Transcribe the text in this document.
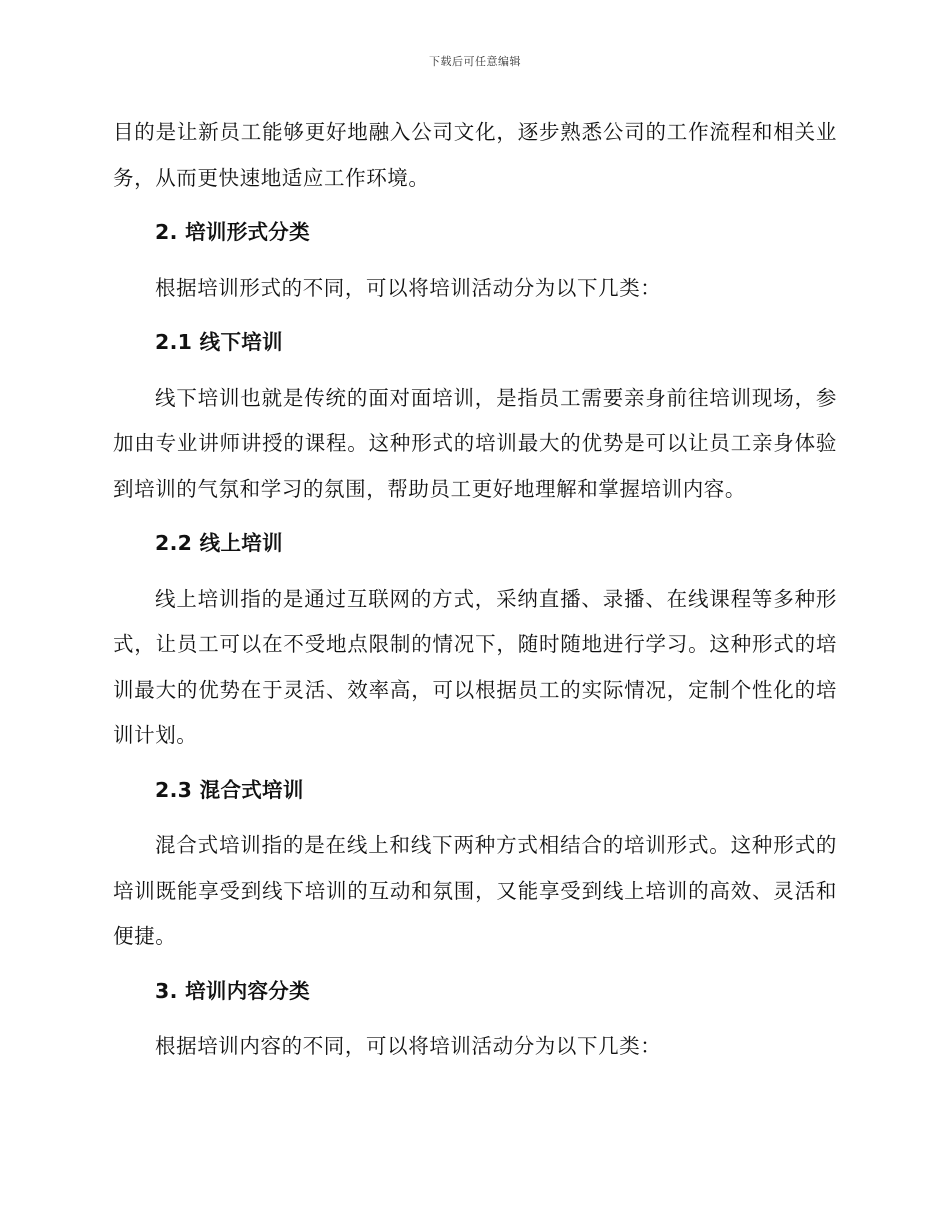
下载后可任意编辑

目的是让新员工能够更好地融入公司文化，逐步熟悉公司的工作流程和相关业务，从而更快速地适应工作环境。

2. 培训形式分类

根据培训形式的不同，可以将培训活动分为以下几类：

2.1 线下培训

线下培训也就是传统的面对面培训，是指员工需要亲身前往培训现场，参加由专业讲师讲授的课程。这种形式的培训最大的优势是可以让员工亲身体验到培训的气氛和学习的氛围，帮助员工更好地理解和掌握培训内容。

2.2 线上培训

线上培训指的是通过互联网的方式，采纳直播、录播、在线课程等多种形式，让员工可以在不受地点限制的情况下，随时随地进行学习。这种形式的培训最大的优势在于灵活、效率高，可以根据员工的实际情况，定制个性化的培训计划。

2.3 混合式培训

混合式培训指的是在线上和线下两种方式相结合的培训形式。这种形式的培训既能享受到线下培训的互动和氛围，又能享受到线上培训的高效、灵活和便捷。

3. 培训内容分类

根据培训内容的不同，可以将培训活动分为以下几类：
